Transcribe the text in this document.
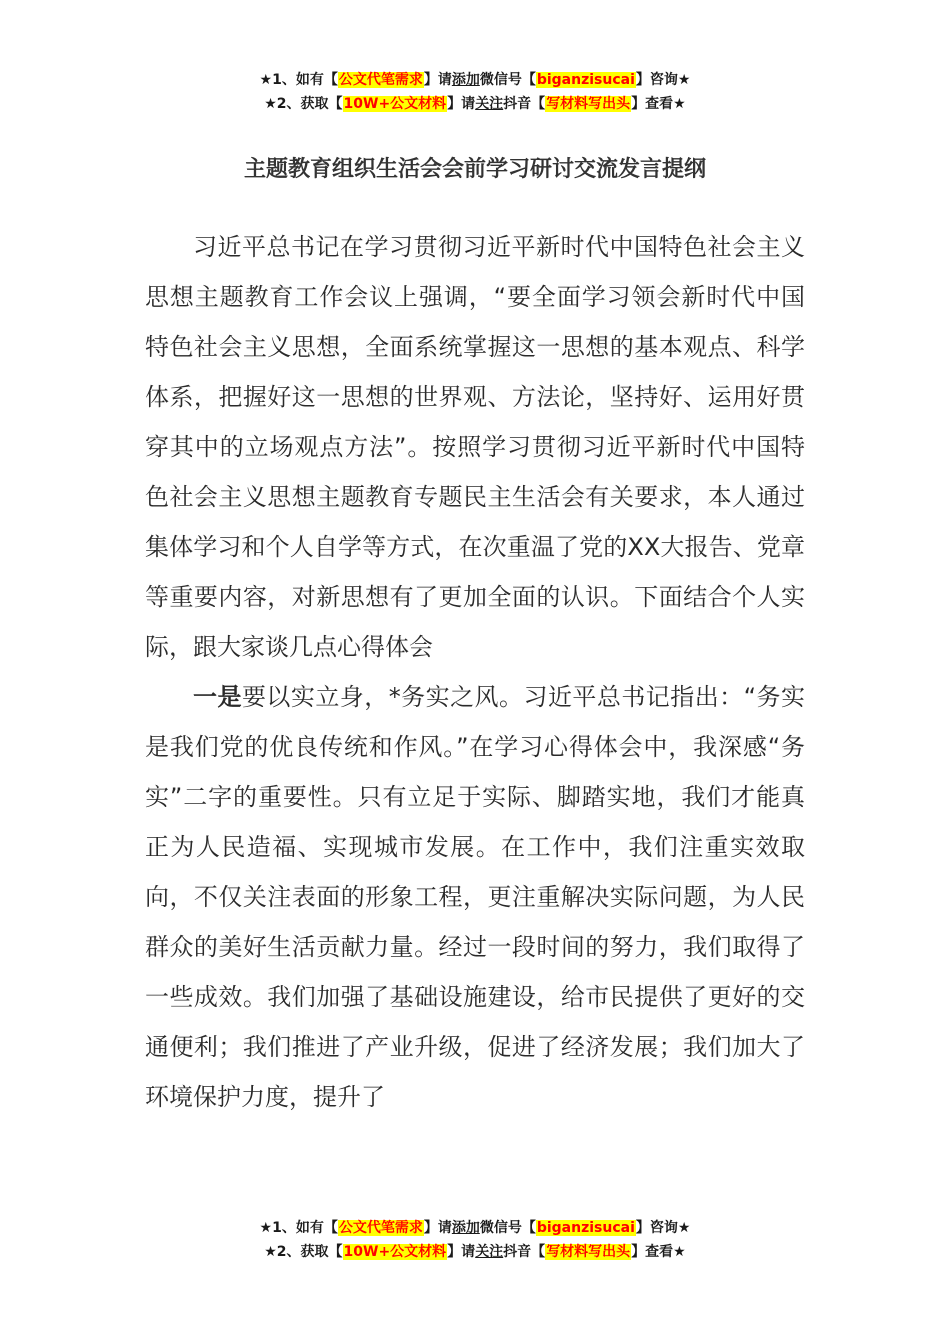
★1、如有【公文代笔需求】请添加微信号【biganzisucai】咨询★
★2、获取【10W+公文材料】请关注抖音【写材料写出头】查看★
主题教育组织生活会会前学习研讨交流发言提纲

习近平总书记在学习贯彻习近平新时代中国特色社会主义思想主题教育工作会议上强调，“要全面学习领会新时代中国特色社会主义思想，全面系统掌握这一思想的基本观点、科学体系，把握好这一思想的世界观、方法论，坚持好、运用好贯穿其中的立场观点方法”。按照学习贯彻习近平新时代中国特色社会主义思想主题教育专题民主生活会有关要求，本人通过集体学习和个人自学等方式，在次重温了党的XX大报告、党章等重要内容，对新思想有了更加全面的认识。下面结合个人实际，跟大家谈几点心得体会

一是要以实立身，*务实之风。习近平总书记指出：“务实是我们党的优良传统和作风。”在学习心得体会中，我深感“务实”二字的重要性。只有立足于实际、脚踏实地，我们才能真正为人民造福、实现城市发展。在工作中，我们注重实效取向，不仅关注表面的形象工程，更注重解决实际问题，为人民群众的美好生活贡献力量。经过一段时间的努力，我们取得了一些成效。我们加强了基础设施建设，给市民提供了更好的交通便利；我们推进了产业升级，促进了经济发展；我们加大了环境保护力度，提升了

★1、如有【公文代笔需求】请添加微信号【biganzisucai】咨询★
★2、获取【10W+公文材料】请关注抖音【写材料写出头】查看★
